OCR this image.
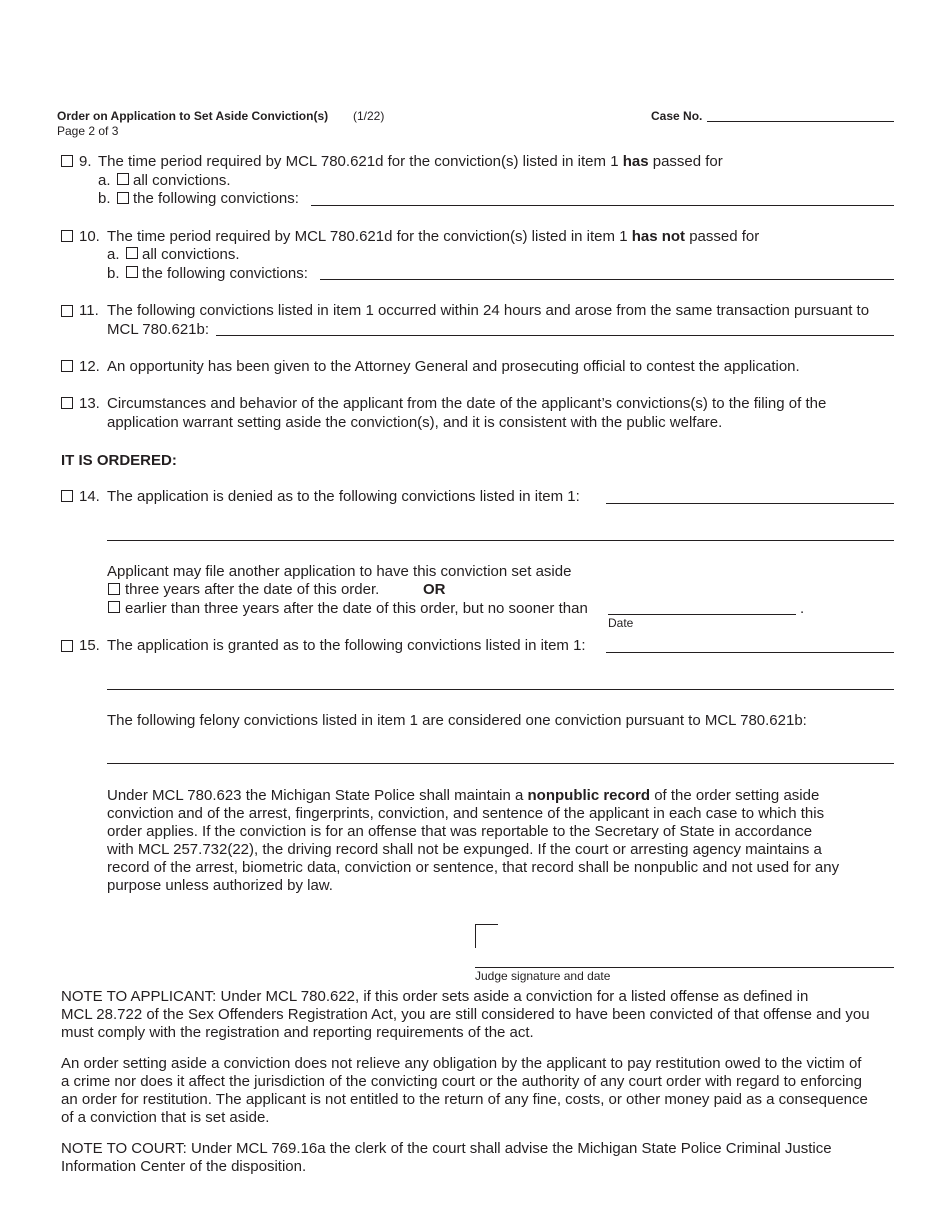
Order on Application to Set Aside Conviction(s) (1/22)
Page 2 of 3
Case No.
9. The time period required by MCL 780.621d for the conviction(s) listed in item 1 has passed for
a. all convictions.
b. the following convictions:
10. The time period required by MCL 780.621d for the conviction(s) listed in item 1 has not passed for
a. all convictions.
b. the following convictions:
11. The following convictions listed in item 1 occurred within 24 hours and arose from the same transaction pursuant to
MCL 780.621b:
12. An opportunity has been given to the Attorney General and prosecuting official to contest the application.
13. Circumstances and behavior of the applicant from the date of the applicant’s convictions(s) to the filing of the
application warrant setting aside the conviction(s), and it is consistent with the public welfare.
IT IS ORDERED:
14. The application is denied as to the following convictions listed in item 1:
Applicant may file another application to have this conviction set aside
three years after the date of this order.	OR
earlier than three years after the date of this order, but no sooner than	.
Date
15. The application is granted as to the following convictions listed in item 1:
The following felony convictions listed in item 1 are considered one conviction pursuant to MCL 780.621b:
Under MCL 780.623 the Michigan State Police shall maintain a nonpublic record of the order setting aside
conviction and of the arrest, fingerprints, conviction, and sentence of the applicant in each case to which this
order applies. If the conviction is for an offense that was reportable to the Secretary of State in accordance
with MCL 257.732(22), the driving record shall not be expunged. If the court or arresting agency maintains a
record of the arrest, biometric data, conviction or sentence, that record shall be nonpublic and not used for any
purpose unless authorized by law.
Judge signature and date
NOTE TO APPLICANT: Under MCL 780.622, if this order sets aside a conviction for a listed offense as defined in
MCL 28.722 of the Sex Offenders Registration Act, you are still considered to have been convicted of that offense and you
must comply with the registration and reporting requirements of the act.
An order setting aside a conviction does not relieve any obligation by the applicant to pay restitution owed to the victim of
a crime nor does it affect the jurisdiction of the convicting court or the authority of any court order with regard to enforcing
an order for restitution. The applicant is not entitled to the return of any fine, costs, or other money paid as a consequence
of a conviction that is set aside.
NOTE TO COURT: Under MCL 769.16a the clerk of the court shall advise the Michigan State Police Criminal Justice
Information Center of the disposition.
